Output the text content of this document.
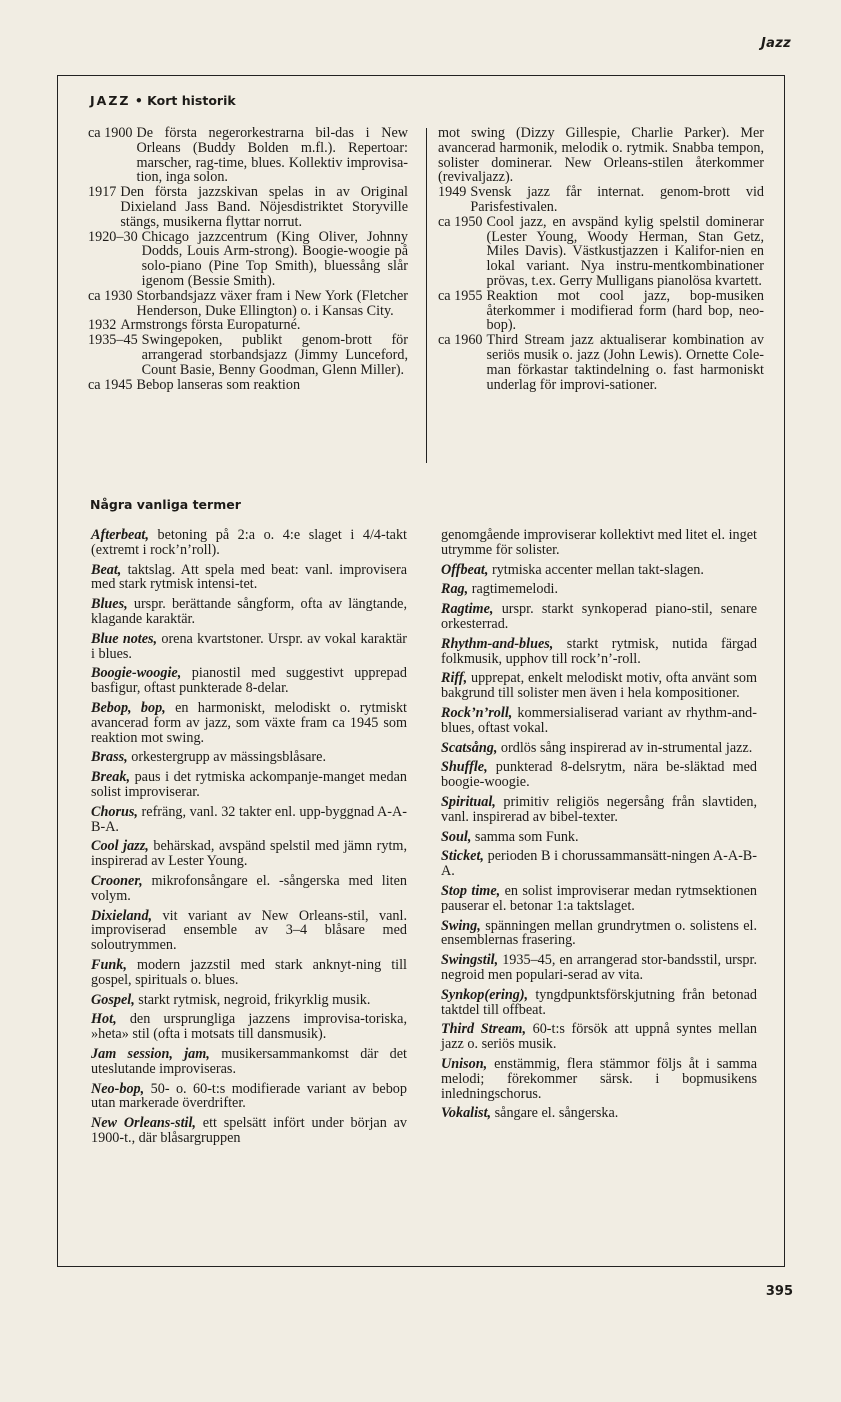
Jazz
JAZZ • Kort historik
ca 1900 De första negerorkestrarna bil-das i New Orleans (Buddy Bolden m.fl.). Repertoar: marscher, rag-time, blues. Kollektiv improvisa-tion, inga solon.
1917 Den första jazzskivan spelas in av Original Dixieland Jass Band. Nöjesdistriktet Storyville stängs, musikerna flyttar norrut.
1920–30 Chicago jazzcentrum (King Oliver, Johnny Dodds, Louis Arm-strong). Boogie-woogie på solo-piano (Pine Top Smith), bluessång slår igenom (Bessie Smith).
ca 1930 Storbandsjazz växer fram i New York (Fletcher Henderson, Duke Ellington) o. i Kansas City.
1932 Armstrongs första Europaturné.
1935–45 Swingepoken, publikt genom-brott för arrangerad storbandsjazz (Jimmy Lunceford, Count Basie, Benny Goodman, Glenn Miller).
ca 1945 Bebop lanseras som reaktion
mot swing (Dizzy Gillespie, Charlie Parker). Mer avancerad harmonik, melodik o. rytmik. Snabba tempon, solister dominerar. New Orleans-stilen återkommer (revivaljazz).
1949 Svensk jazz får internat. genom-brott vid Parisfestivalen.
ca 1950 Cool jazz, en avspänd kylig spelstil dominerar (Lester Young, Woody Herman, Stan Getz, Miles Davis). Västkustjazzen i Kalifor-nien en lokal variant. Nya instru-mentkombinationer prövas, t.ex. Gerry Mulligans pianolösa kvartett.
ca 1955 Reaktion mot cool jazz, bop-musiken återkommer i modifierad form (hard bop, neo-bop).
ca 1960 Third Stream jazz aktualiserar kombination av seriös musik o. jazz (John Lewis). Ornette Cole-man förkastar taktindelning o. fast harmoniskt underlag för improvi-sationer.
Några vanliga termer
Afterbeat, betoning på 2:a o. 4:e slaget i 4/4-takt (extremt i rock’n’roll).
Beat, taktslag. Att spela med beat: vanl. improvisera med stark rytmisk intensi-tet.
Blues, urspr. berättande sångform, ofta av längtande, klagande karaktär.
Blue notes, orena kvartstoner. Urspr. av vokal karaktär i blues.
Boogie-woogie, pianostil med suggestivt upprepad basfigur, oftast punkterade 8-delar.
Bebop, bop, en harmoniskt, melodiskt o. rytmiskt avancerad form av jazz, som växte fram ca 1945 som reaktion mot swing.
Brass, orkestergrupp av mässingsblåsare.
Break, paus i det rytmiska ackompanje-manget medan solist improviserar.
Chorus, refräng, vanl. 32 takter enl. upp-byggnad A-A-B-A.
Cool jazz, behärskad, avspänd spelstil med jämn rytm, inspirerad av Lester Young.
Crooner, mikrofonsångare el. -sångerska med liten volym.
Dixieland, vit variant av New Orleans-stil, vanl. improviserad ensemble av 3–4 blåsare med soloutrymmen.
Funk, modern jazzstil med stark anknyt-ning till gospel, spirituals o. blues.
Gospel, starkt rytmisk, negroid, frikyrklig musik.
Hot, den ursprungliga jazzens improvisa-toriska, »heta» stil (ofta i motsats till dansmusik).
Jam session, jam, musikersammankomst där det uteslutande improviseras.
Neo-bop, 50- o. 60-t:s modifierade variant av bebop utan markerade överdrifter.
New Orleans-stil, ett spelsätt infört under början av 1900-t., där blåsargruppen
genomgående improviserar kollektivt med litet el. inget utrymme för solister.
Offbeat, rytmiska accenter mellan takt-slagen.
Rag, ragtimemelodi.
Ragtime, urspr. starkt synkoperad piano-stil, senare orkesterrad.
Rhythm-and-blues, starkt rytmisk, nutida färgad folkmusik, upphov till rock’n’-roll.
Riff, upprepat, enkelt melodiskt motiv, ofta använt som bakgrund till solister men även i hela kompositioner.
Rock’n’roll, kommersialiserad variant av rhythm-and-blues, oftast vokal.
Scatsång, ordlös sång inspirerad av in-strumental jazz.
Shuffle, punkterad 8-delsrytm, nära be-släktad med boogie-woogie.
Spiritual, primitiv religiös negersång från slavtiden, vanl. inspirerad av bibel-texter.
Soul, samma som Funk.
Sticket, perioden B i chorussammansätt-ningen A-A-B-A.
Stop time, en solist improviserar medan rytmsektionen pauserar el. betonar 1:a taktslaget.
Swing, spänningen mellan grundrytmen o. solistens el. ensemblernas frasering.
Swingstil, 1935–45, en arrangerad stor-bandsstil, urspr. negroid men populari-serad av vita.
Synkop(ering), tyngdpunktsförskjutning från betonad taktdel till offbeat.
Third Stream, 60-t:s försök att uppnå syntes mellan jazz o. seriös musik.
Unison, enstämmig, flera stämmor följs åt i samma melodi; förekommer särsk. i bopmusikens inledningschorus.
Vokalist, sångare el. sångerska.
395
